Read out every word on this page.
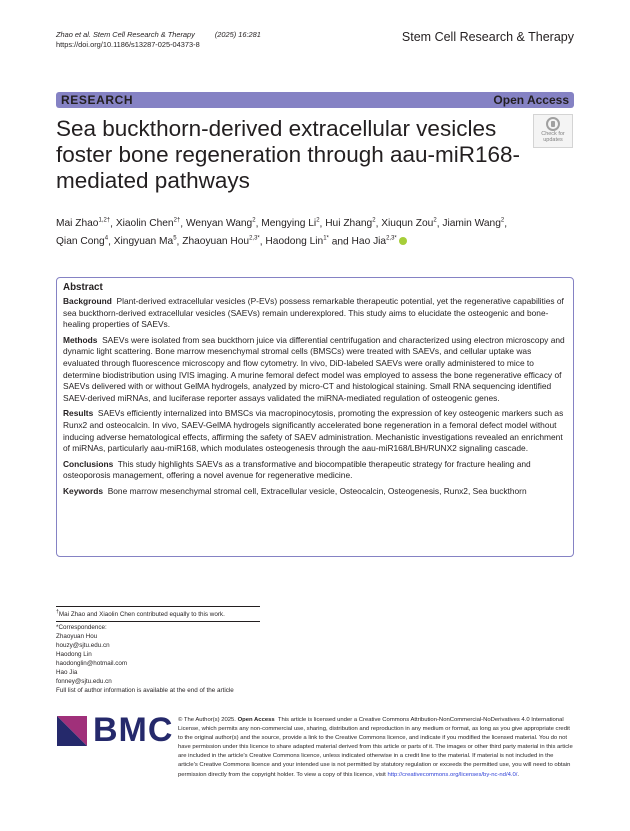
Zhao et al. Stem Cell Research & Therapy	(2025) 16:281
https://doi.org/10.1186/s13287-025-04373-8
Stem Cell Research & Therapy
RESEARCH	Open Access
Sea buckthorn-derived extracellular vesicles foster bone regeneration through aau-miR168-mediated pathways
Check for
updates
Mai Zhao$^{1,2\dagger}$, Xiaolin Chen$^{2\dagger}$, Wenyan Wang$^2$, Mengying Li$^2$, Hui Zhang$^2$, Xiuqun Zou$^2$, Jiamin Wang$^2$,
Qian Cong$^4$, Xingyuan Ma$^5$, Zhaoyuan Hou$^{2,3*}$, Haodong Lin$^{1*}$ and Hao Jia$^{2,3*}$
Abstract

Background Plant-derived extracellular vesicles (P-EVs) possess remarkable therapeutic potential, yet the regenerative capabilities of sea buckthorn-derived extracellular vesicles (SAEVs) remain underexplored. This study aims to elucidate the osteogenic and bone-healing properties of SAEVs.

Methods SAEVs were isolated from sea buckthorn juice via differential centrifugation and characterized using electron microscopy and dynamic light scattering. Bone marrow mesenchymal stromal cells (BMSCs) were treated with SAEVs, and cellular uptake was evaluated through fluorescence microscopy and flow cytometry. In vivo, DiD-labeled SAEVs were orally administered to mice to determine biodistribution using IVIS imaging. A murine femoral defect model was employed to assess the bone regenerative efficacy of SAEVs delivered with or without GelMA hydrogels, analyzed by micro-CT and histological staining. Small RNA sequencing identified SAEV-derived miRNAs, and luciferase reporter assays validated the miRNA-mediated regulation of osteogenic genes.

Results SAEVs efficiently internalized into BMSCs via macropinocytosis, promoting the expression of key osteogenic markers such as Runx2 and osteocalcin. In vivo, SAEV-GelMA hydrogels significantly accelerated bone regeneration in a femoral defect model without inducing adverse hematological effects, affirming the safety of SAEV administration. Mechanistic investigations revealed an enrichment of miRNAs, particularly aau-miR168, which modulates osteogenesis through the aau-miR168/LBH/RUNX2 signaling cascade.

Conclusions This study highlights SAEVs as a transformative and biocompatible therapeutic strategy for fracture healing and osteoporosis management, offering a novel avenue for regenerative medicine.

Keywords Bone marrow mesenchymal stromal cell, Extracellular vesicle, Osteocalcin, Osteogenesis, Runx2, Sea buckthorn

†Mai Zhao and Xiaolin Chen contributed equally to this work.
*Correspondence:
Zhaoyuan Hou
houzy@sjtu.edu.cn
Haodong Lin
haodonglin@hotmail.com
Hao Jia
fonney@sjtu.edu.cn
Full list of author information is available at the end of the article
BMC © The Author(s) 2025. Open Access This article is licensed under a Creative Commons Attribution-NonCommercial-NoDerivatives 4.0 International License, which permits any non-commercial use, sharing, distribution and reproduction in any medium or format, as long as you give appropriate credit to the original author(s) and the source, provide a link to the Creative Commons licence, and indicate if you modified the licensed material. You do not have permission under this licence to share adapted material derived from this article or parts of it. The images or other third party material in this article are included in the article's Creative Commons licence, unless indicated otherwise in a credit line to the material. If material is not included in the article's Creative Commons licence and your intended use is not permitted by statutory regulation or exceeds the permitted use, you will need to obtain permission directly from the copyright holder. To view a copy of this licence, visit http://creativecommons.org/licenses/by-nc-nd/4.0/.
